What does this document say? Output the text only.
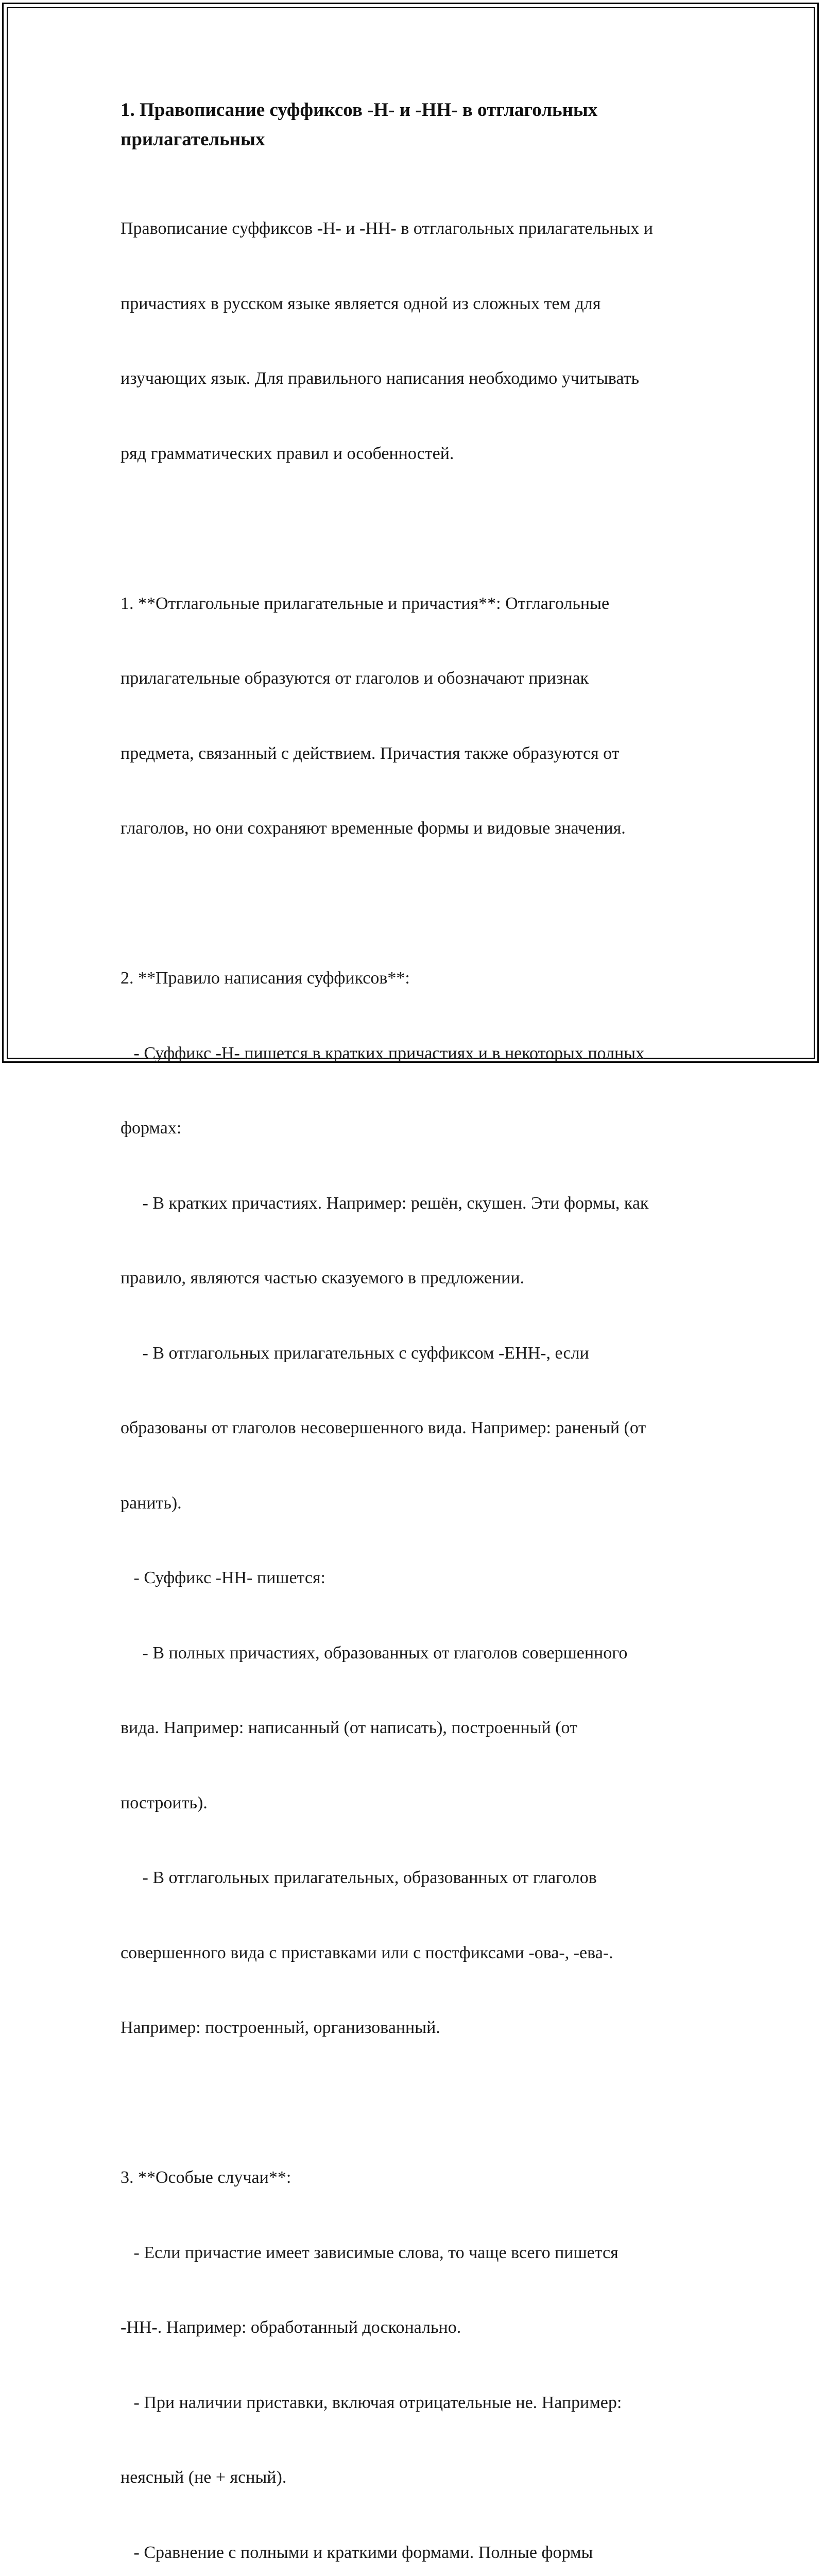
1. Правописание суффиксов -Н- и -НН- в отглагольных
прилагательных

Правописание суффиксов -Н- и -НН- в отглагольных прилагательных и

причастиях в русском языке является одной из сложных тем для

изучающих язык. Для правильного написания необходимо учитывать

ряд грамматических правил и особенностей.

1. **Отглагольные прилагательные и причастия**: Отглагольные

прилагательные образуются от глаголов и обозначают признак

предмета, связанный с действием. Причастия также образуются от

глаголов, но они сохраняют временные формы и видовые значения.

2. **Правило написания суффиксов**:

- Суффикс -Н- пишется в кратких причастиях и в некоторых полных

формах:

- В кратких причастиях. Например: решён, скушен. Эти формы, как

правило, являются частью сказуемого в предложении.

- В отглагольных прилагательных с суффиксом -ЕНН-, если

образованы от глаголов несовершенного вида. Например: раненый (от

ранить).

- Суффикс -НН- пишется:

- В полных причастиях, образованных от глаголов совершенного

вида. Например: написанный (от написать), построенный (от

построить).

- В отглагольных прилагательных, образованных от глаголов

совершенного вида с приставками или с постфиксами -ова-, -ева-.

Например: построенный, организованный.

3. **Особые случаи**:

- Если причастие имеет зависимые слова, то чаще всего пишется

-НН-. Например: обработанный досконально.

- При наличии приставки, включая отрицательные не. Например:

неясный (не + ясный).

- Сравнение с полными и краткими формами. Полные формы
